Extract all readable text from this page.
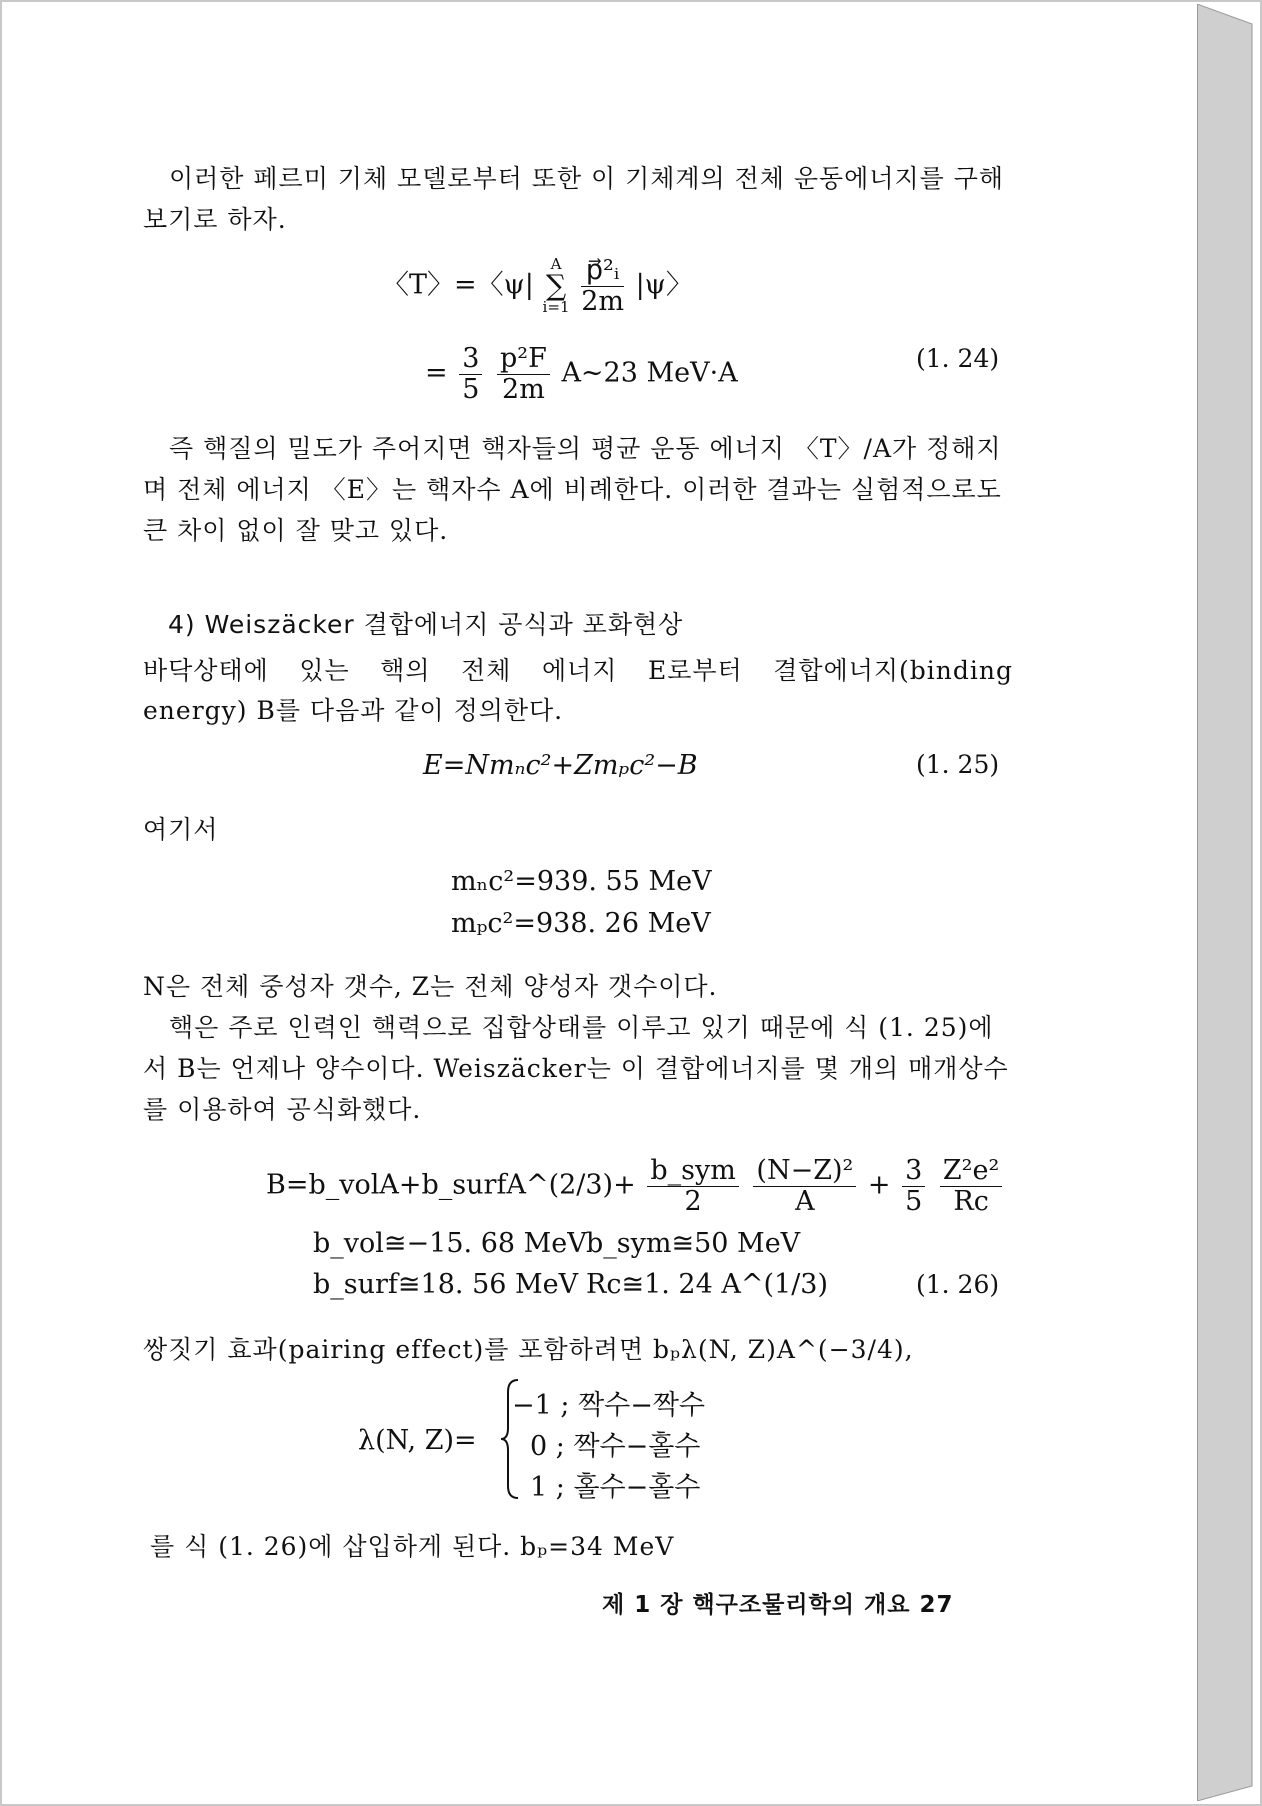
이러한 페르미 기체 모델로부터 또한 이 기체계의 전체 운동에너지를 구해 보기로 하자.

〈T〉=〈ψ|
A
∑
i=1
$\frac{\text{p⃗²ᵢ}}{2m} |\psi$〉
= $\frac{3}{5}$
$\frac{\text{p²F}}{2m}$ A∼23 MeV·A	(1. 24)

즉 핵질의 밀도가 주어지면 핵자들의 평균 운동 에너지 〈T〉/A가 정해지며 전체 에너지 〈E〉는 핵자수 A에 비례한다. 이러한 결과는 실험적으로도 큰 차이 없이 잘 맞고 있다.

4) Weiszäcker 결합에너지 공식과 포화현상

바닥상태에 있는 핵의 전체 에너지 E로부터 결합에너지(binding

energy) B를 다음과 같이 정의한다.

E=Nmₙc²+Zmₚc²−B	(1. 25)

여기서

mₙc²=939. 55 MeV
mₚc²=938. 26 MeV

N은 전체 중성자 갯수, Z는 전체 양성자 갯수이다.

핵은 주로 인력인 핵력으로 집합상태를 이루고 있기 때문에 식 (1. 25)에서 B는 언제나 양수이다. Weiszäcker는 이 결합에너지를 몇 개의 매개상수를 이용하여 공식화했다.

B=b_volA+b_surfA^(2/3)+ $\frac{\text{b\_sym}}{2}$
$\frac{\text{(N−Z)²}}{A} + \frac{3}{5}$
$\frac{\text{Z²e²}}{Rc}$
b_vol≅−15. 68 MeV b_sym≅50 MeV
b_surf≅18. 56 MeV Rc≅1. 24 A^(1/3)	(1. 26)

쌍짓기 효과(pairing effect)를 포함하려면 bₚλ(N, Z)A^(−3/4),

λ(N, Z)=
−1 ; 짝수−짝수
0 ; 짝수−홀수
1 ; 홀수−홀수

를 식 (1. 26)에 삽입하게 된다. bₚ=34 MeV

제 1 장 핵구조물리학의 개요 27
